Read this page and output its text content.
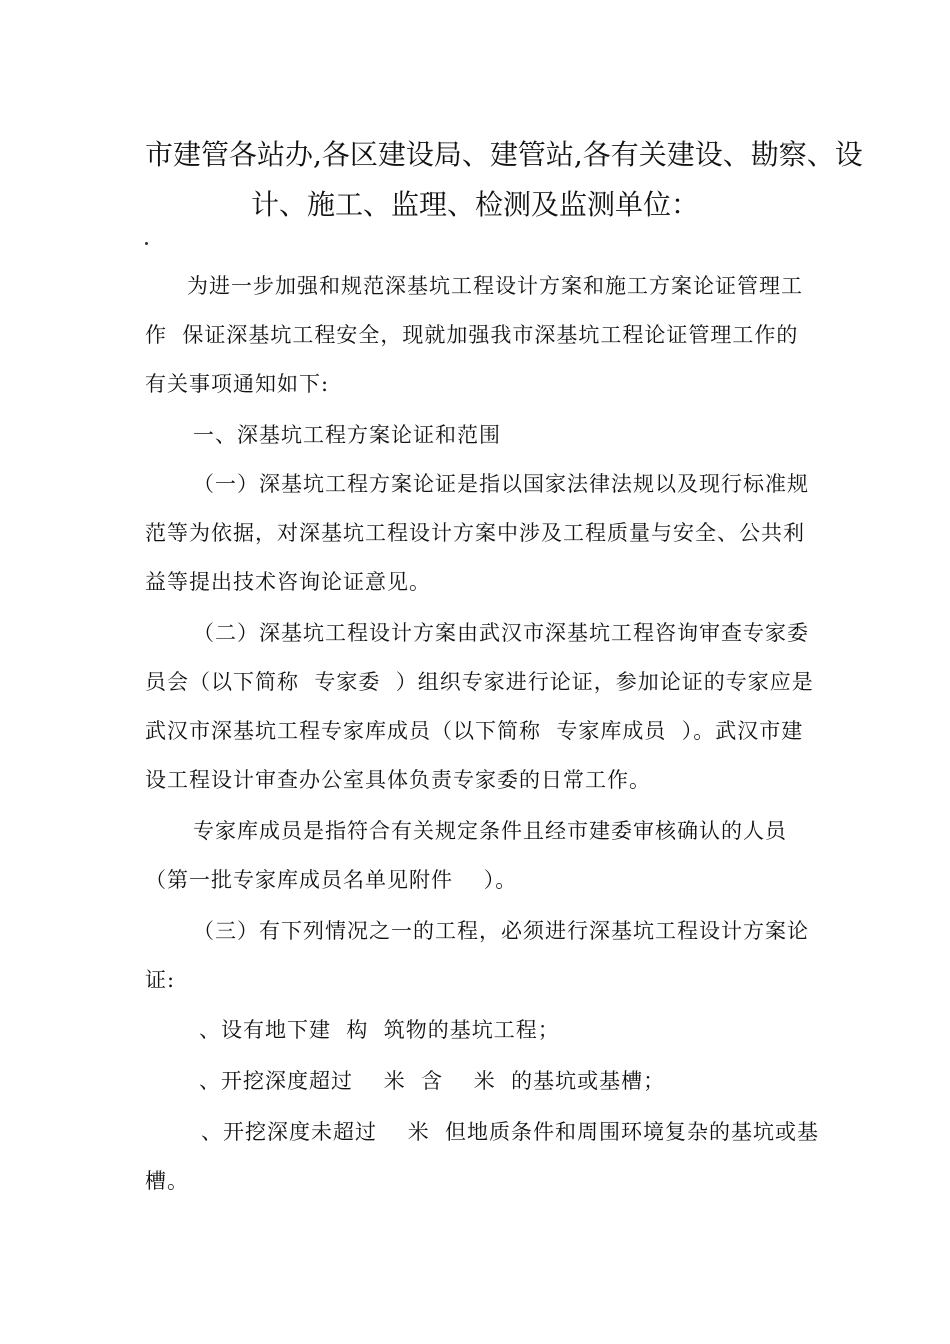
市建管各站办,各区建设局、建管站,各有关建设、勘察、设
计、施工、监理、检测及监测单位：
为进一步加强和规范深基坑工程设计方案和施工方案论证管理工
作  保证深基坑工程安全，现就加强我市深基坑工程论证管理工作的
有关事项通知如下:
一、深基坑工程方案论证和范围
（一）深基坑工程方案论证是指以国家法律法规以及现行标准规
范等为依据，对深基坑工程设计方案中涉及工程质量与安全、公共利
益等提出技术咨询论证意见。
（二）深基坑工程设计方案由武汉市深基坑工程咨询审查专家委
员会（以下简称  专家委  ）组织专家进行论证，参加论证的专家应是
武汉市深基坑工程专家库成员（以下简称  专家库成员  ）。武汉市建
设工程设计审查办公室具体负责专家委的日常工作。
专家库成员是指符合有关规定条件且经市建委审核确认的人员
（第一批专家库成员名单见附件    ）。
（三）有下列情况之一的工程，必须进行深基坑工程设计方案论
证:
、设有地下建  构  筑物的基坑工程；
、开挖深度超过    米  含    米  的基坑或基槽；
、开挖深度未超过    米  但地质条件和周围环境复杂的基坑或基
槽。
